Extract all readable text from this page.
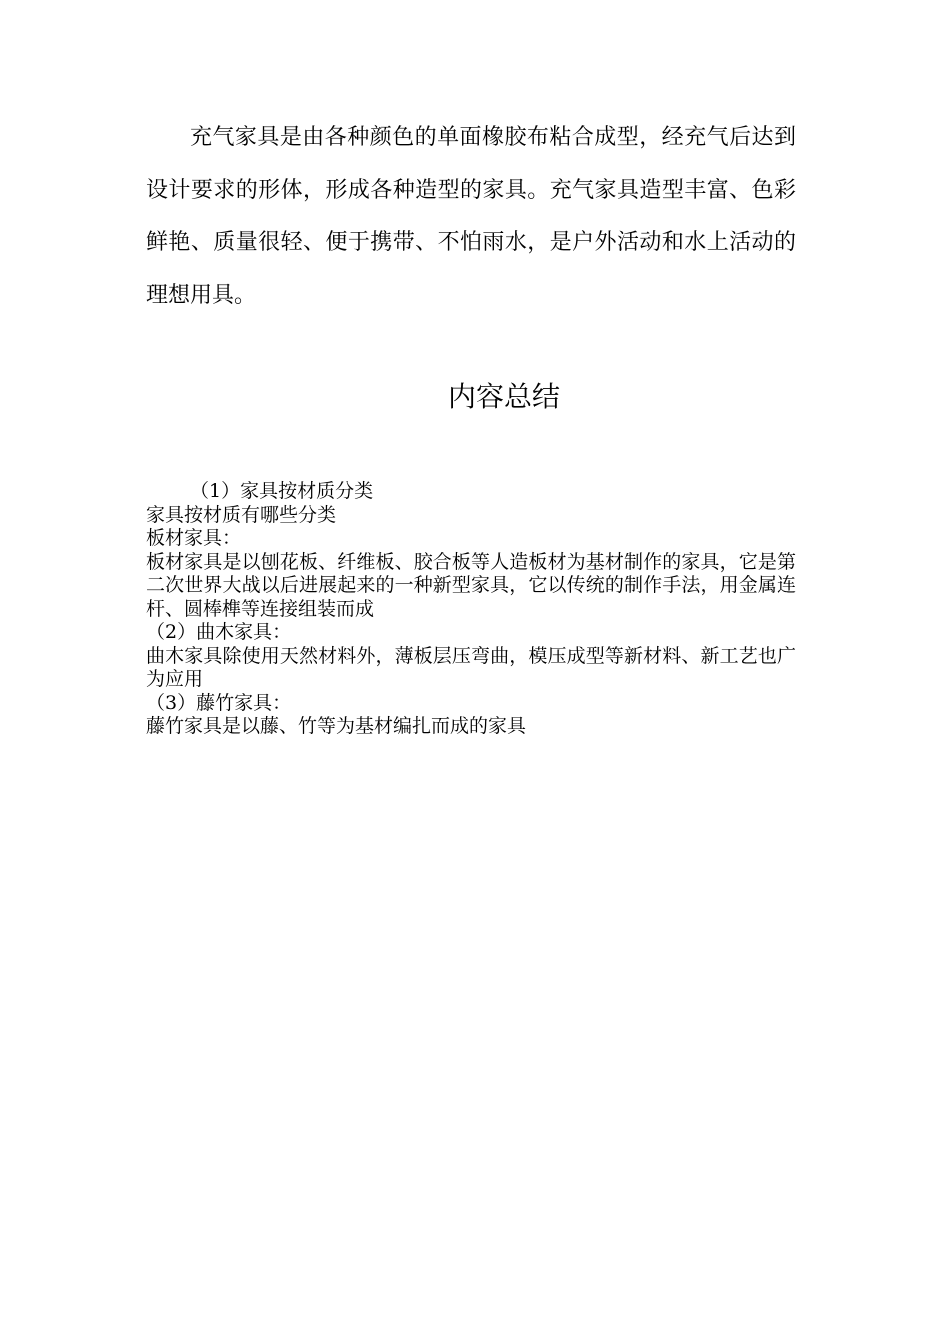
充气家具是由各种颜色的单面橡胶布粘合成型，经充气后达到设计要求的形体，形成各种造型的家具。充气家具造型丰富、色彩鲜艳、质量很轻、便于携带、不怕雨水，是户外活动和水上活动的理想用具。

内容总结

（1）家具按材质分类

家具按材质有哪些分类

板材家具：

板材家具是以刨花板、纤维板、胶合板等人造板材为基材制作的家具，它是第二次世界大战以后进展起来的一种新型家具，它以传统的制作手法，用金属连杆、圆棒榫等连接组装而成

（2）曲木家具：

曲木家具除使用天然材料外，薄板层压弯曲，模压成型等新材料、新工艺也广为应用

（3）藤竹家具：

藤竹家具是以藤、竹等为基材编扎而成的家具
